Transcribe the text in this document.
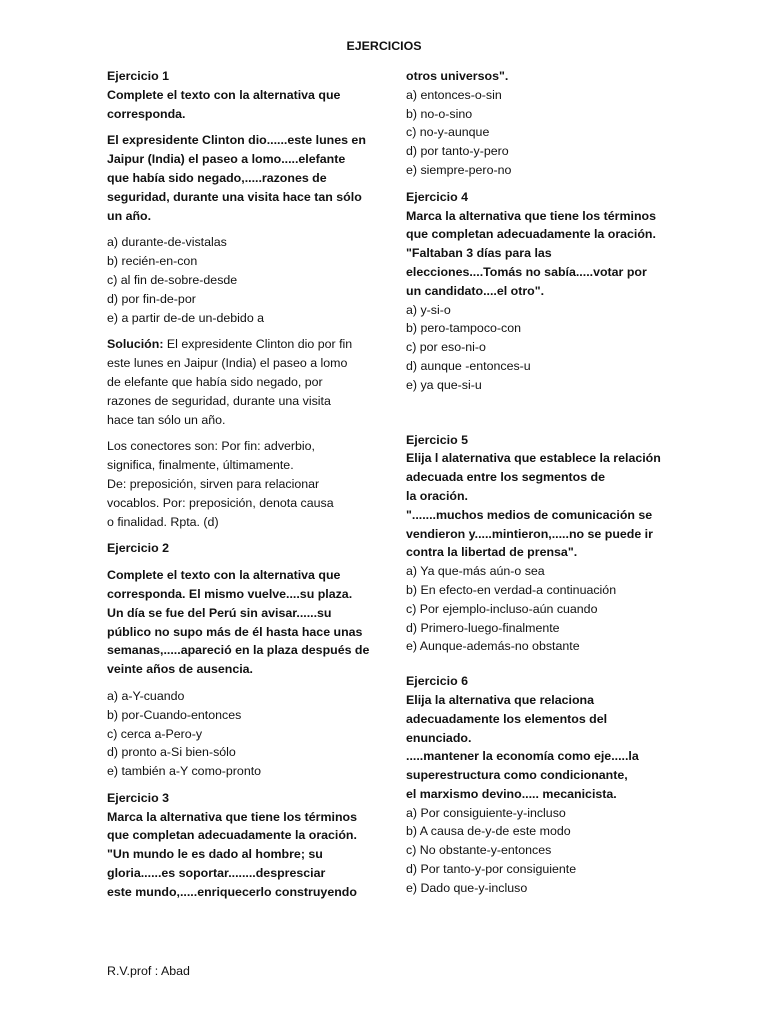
EJERCICIOS
Ejercicio 1
Complete el texto con la alternativa que
corresponda.
El expresidente Clinton dio......este lunes en
Jaipur (India) el paseo a lomo.....elefante
que había sido negado,.....razones de
seguridad, durante una visita hace tan sólo
un año.
a) durante-de-vistalas
b) recién-en-con
c) al fin de-sobre-desde
d) por fin-de-por
e) a partir de-de un-debido a
Solución: El expresidente Clinton dio por fin
este lunes en Jaipur (India) el paseo a lomo
de elefante que había sido negado, por
razones de seguridad, durante una visita
hace tan sólo un año.
Los conectores son: Por fin: adverbio,
significa, finalmente, últimamente.
De: preposición, sirven para relacionar
vocablos. Por: preposición, denota causa
o finalidad. Rpta. (d)
Ejercicio 2
Complete el texto con la alternativa que
corresponda. El mismo vuelve....su plaza.
Un día se fue del Perú sin avisar......su
público no supo más de él hasta hace unas
semanas,.....apareció en la plaza después de
veinte años de ausencia.
a) a-Y-cuando
b) por-Cuando-entonces
c) cerca a-Pero-y
d) pronto a-Si bien-sólo
e) también a-Y como-pronto
Ejercicio 3
Marca la alternativa que tiene los términos
que completan adecuadamente la oración.
"Un mundo le es dado al hombre; su
gloria......es soportar........despresciar
este mundo,.....enriquecerlo construyendo
otros universos".
a) entonces-o-sin
b) no-o-sino
c) no-y-aunque
d) por tanto-y-pero
e) siempre-pero-no
Ejercicio 4
Marca la alternativa que tiene los términos
que completan adecuadamente la oración.
"Faltaban 3 días para las
elecciones....Tomás no sabía.....votar por
un candidato....el otro".
a) y-si-o
b) pero-tampoco-con
c) por eso-ni-o
d) aunque -entonces-u
e) ya que-si-u
Ejercicio 5
Elija l alaternativa que establece la relación
adecuada entre los segmentos de
la oración.
".......muchos medios de comunicación se
vendieron y.....mintieron,.....no se puede ir
contra la libertad de prensa".
a) Ya que-más aún-o sea
b) En efecto-en verdad-a continuación
c) Por ejemplo-incluso-aún cuando
d) Primero-luego-finalmente
e) Aunque-además-no obstante
Ejercicio 6
Elija la alternativa que relaciona
adecuadamente los elementos del
enunciado.
.....mantener la economía como eje.....la
superestructura como condicionante,
el marxismo devino..... mecanicista.
a) Por consiguiente-y-incluso
b) A causa de-y-de este modo
c) No obstante-y-entonces
d) Por tanto-y-por consiguiente
e) Dado que-y-incluso
R.V.prof : Abad
